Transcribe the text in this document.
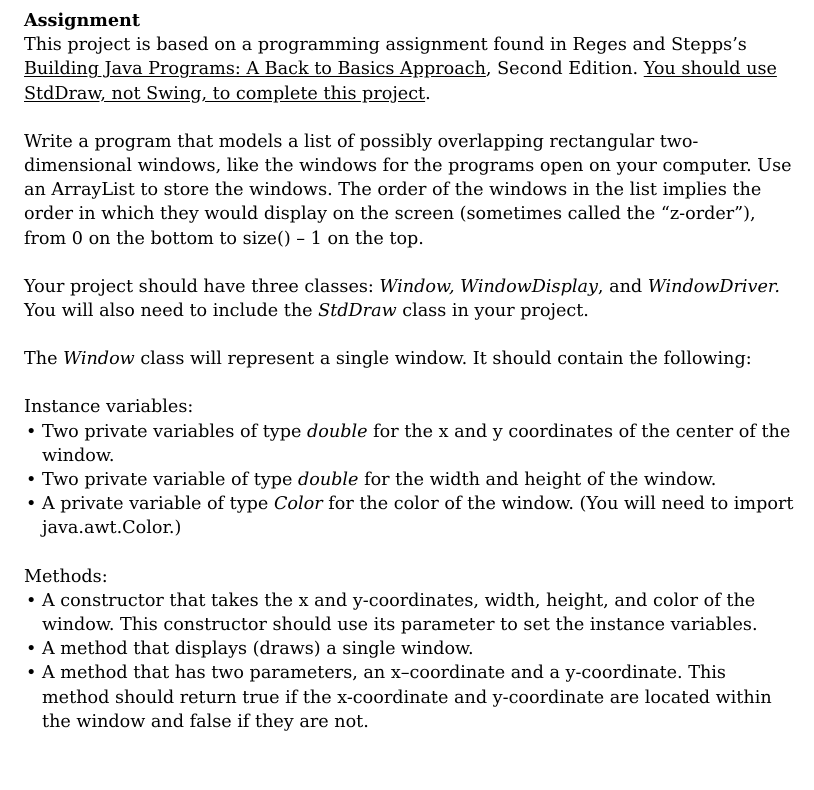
Assignment

This project is based on a programming assignment found in Reges and Stepps’s Building Java Programs: A Back to Basics Approach, Second Edition. You should use StdDraw, not Swing, to complete this project.

Write a program that models a list of possibly overlapping rectangular two-dimensional windows, like the windows for the programs open on your computer. Use an ArrayList to store the windows. The order of the windows in the list implies the order in which they would display on the screen (sometimes called the “z-order”), from 0 on the bottom to size() – 1 on the top.

Your project should have three classes: Window, WindowDisplay, and WindowDriver. You will also need to include the StdDraw class in your project.

The Window class will represent a single window. It should contain the following:

Instance variables:

• Two private variables of type double for the x and y coordinates of the center of the window.
• Two private variable of type double for the width and height of the window.
• A private variable of type Color for the color of the window. (You will need to import java.awt.Color.)

Methods:

• A constructor that takes the x and y-coordinates, width, height, and color of the window. This constructor should use its parameter to set the instance variables.
• A method that displays (draws) a single window.
• A method that has two parameters, an x–coordinate and a y-coordinate. This method should return true if the x-coordinate and y-coordinate are located within the window and false if they are not.
